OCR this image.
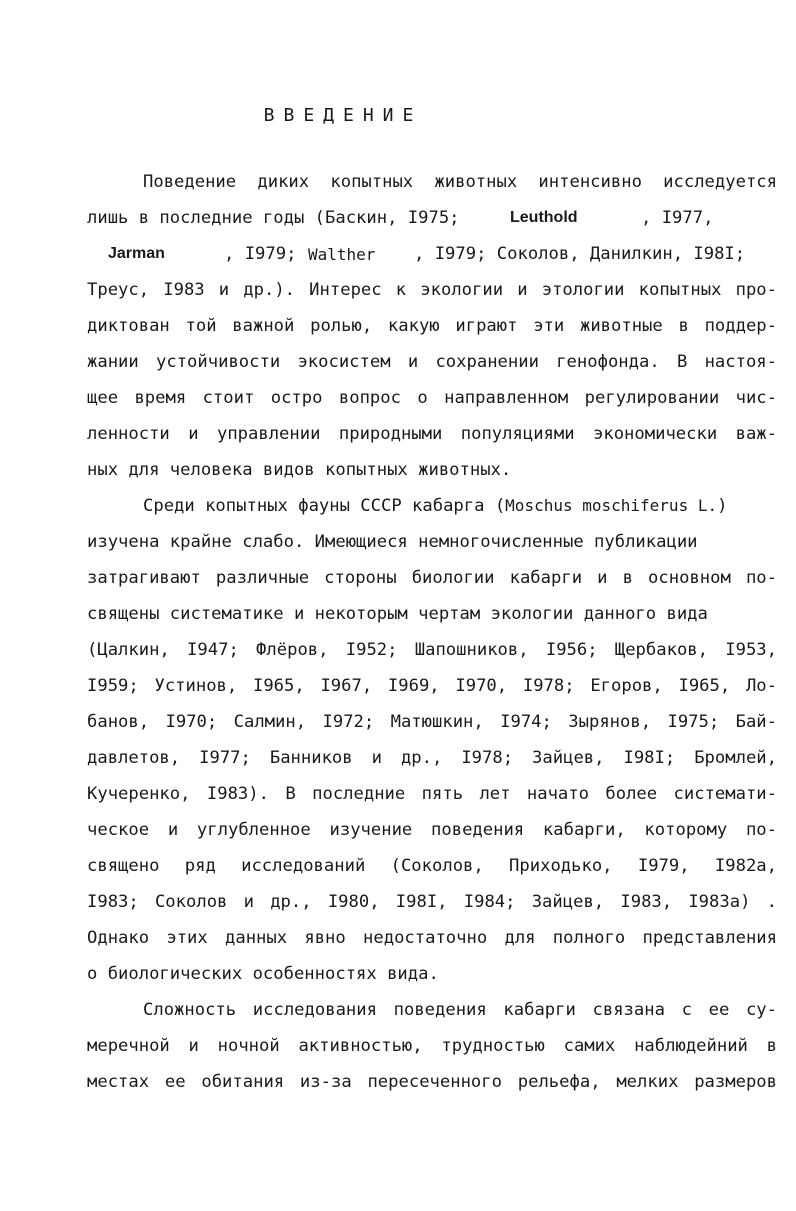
ВВЕДЕНИЕ
Поведение диких копытных животных интенсивно исследуется
лишь в последние годы (Баскин, I975;	Leuthold	, I977,
Jarman	, I979; Walther , I979; Соколов, Данилкин, I98I;
Треус, I983 и др.). Интерес к экологии и этологии копытных про-
диктован той важной ролью, какую играют эти животные в поддер-
жании устойчивости экосистем и сохранении генофонда. В настоя-
щее время стоит остро вопрос о направленном регулировании чис-
ленности и управлении природными популяциями экономически важ-
ных для человека видов копытных животных.
Среди копытных фауны СССР кабарга (Moschus moschiferus L.)
изучена крайне слабо. Имеющиеся немногочисленные публикации
затрагивают различные стороны биологии кабарги и в основном по-
священы систематике и некоторым чертам экологии данного вида
(Цалкин, I947; Флёров, I952; Шапошников, I956; Щербаков, I953,
I959; Устинов, I965, I967, I969, I970, I978; Егоров, I965, Ло-
банов, I970; Салмин, I972; Матюшкин, I974; Зырянов, I975; Бай-
давлетов, I977; Банников и др., I978; Зайцев, I98I; Бромлей,
Кучеренко, I983). В последние пять лет начато более системати-
ческое и углубленное изучение поведения кабарги, которому по-
священо ряд исследований (Соколов, Приходько, I979, I982а,
I983; Соколов и др., I980, I98I, I984; Зайцев, I983, I983а) .
Однако этих данных явно недостаточно для полного представления
о биологических особенностях вида.
Сложность исследования поведения кабарги связана с ее су-
меречной и ночной активностью, трудностью самих наблюдейний в
местах ее обитания из-за пересеченного рельефа, мелких размеров
